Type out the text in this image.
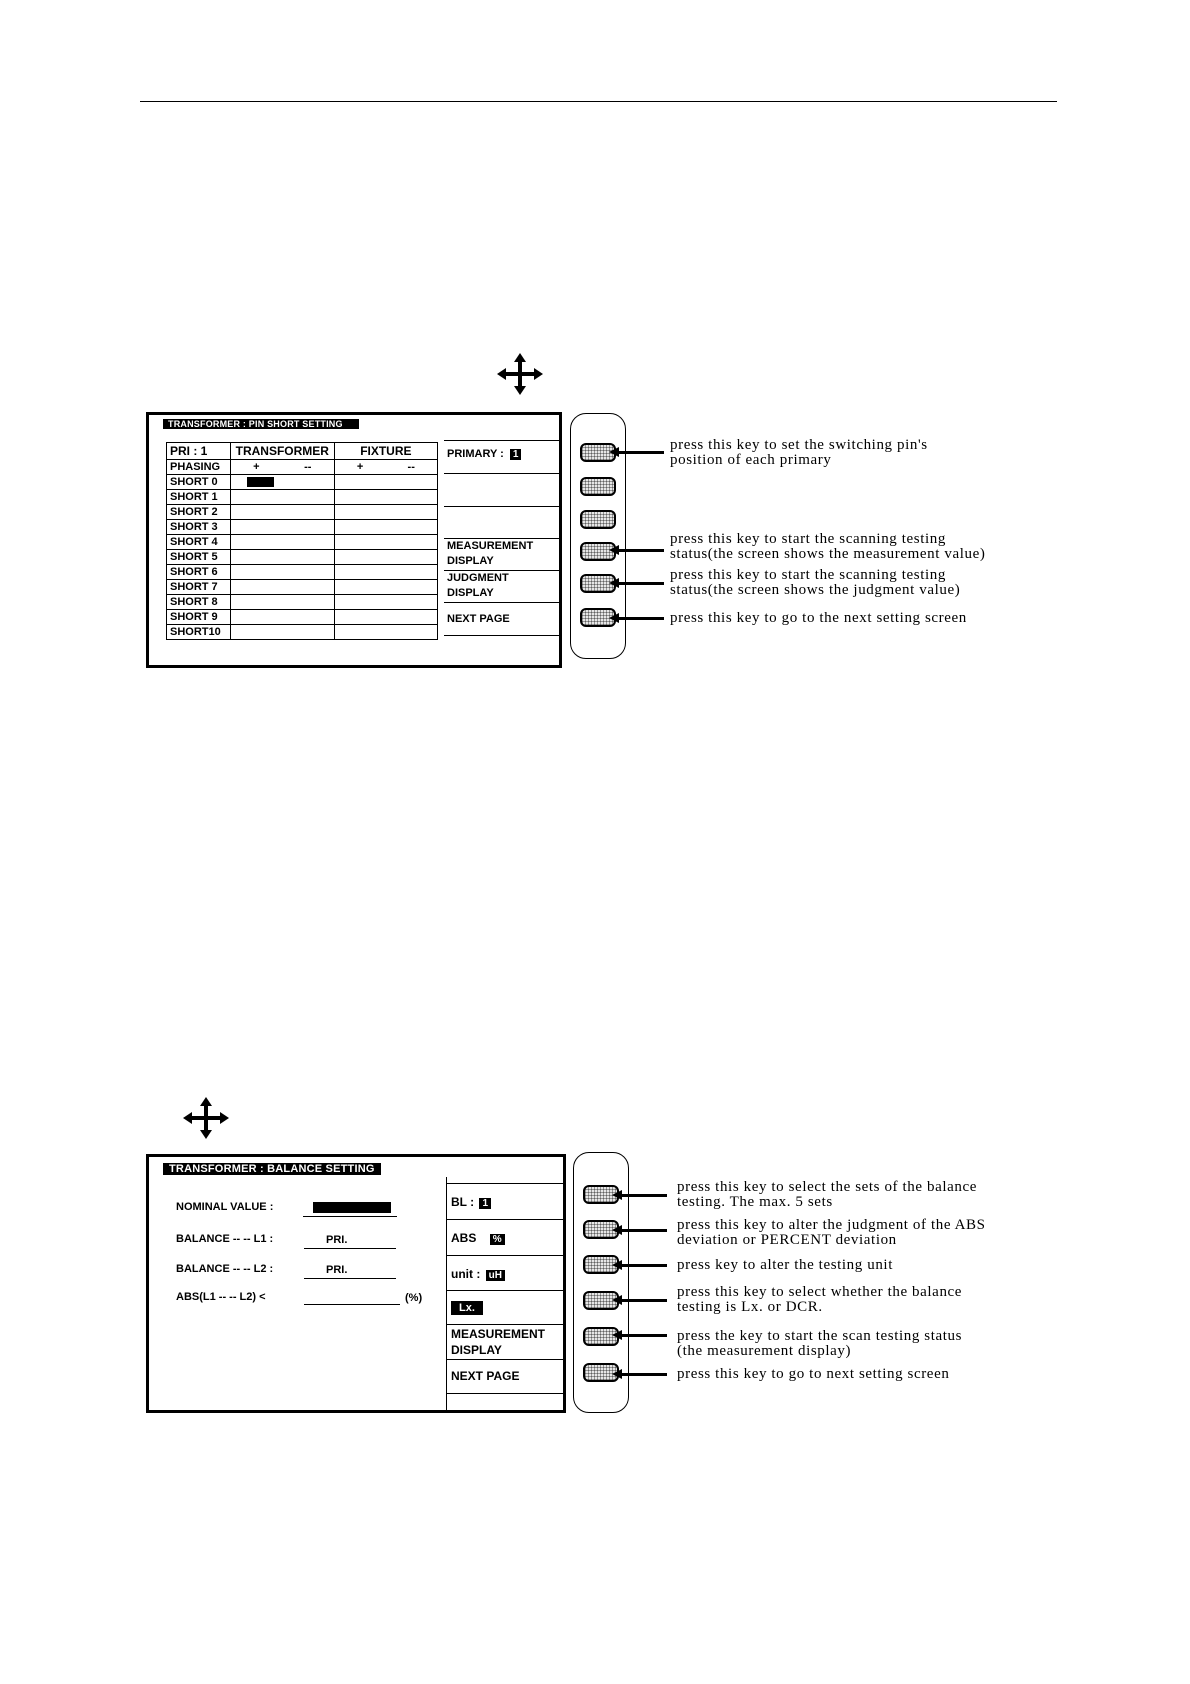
TRANSFORMER : PIN SHORT SETTING
PRI : 1	TRANSFORMER	FIXTURE
PHASING	+ --	+ --

SHORT 0		
SHORT 1		
SHORT 2		
SHORT 3		
SHORT 4		
SHORT 5		
SHORT 6		
SHORT 7		
SHORT 8		
SHORT 9		
SHORT10		
PRIMARY : 1
MEASUREMENT
DISPLAY
JUDGMENT
DISPLAY
NEXT PAGE
press this key to set the switching pin's
position of each primary
press this key to start the scanning testing
status(the screen shows the measurement value)
press this key to start the scanning testing
status(the screen shows the judgment value)
press this key to go to the next setting screen
TRANSFORMER : BALANCE SETTING
NOMINAL VALUE :
BALANCE -- -- L1 :	PRI.
BALANCE -- -- L2 :	PRI.
ABS(L1 -- -- L2) <	(%)
BL : 1
ABS %
unit : uH
Lx.
MEASUREMENT
DISPLAY
NEXT PAGE
press this key to select the sets of the balance
testing. The max. 5 sets
press this key to alter the judgment of the ABS
deviation or PERCENT deviation
press key to alter the testing unit
press this key to select whether the balance
testing is Lx. or DCR.
press the key to start the scan testing status
(the measurement display)
press this key to go to next setting screen
